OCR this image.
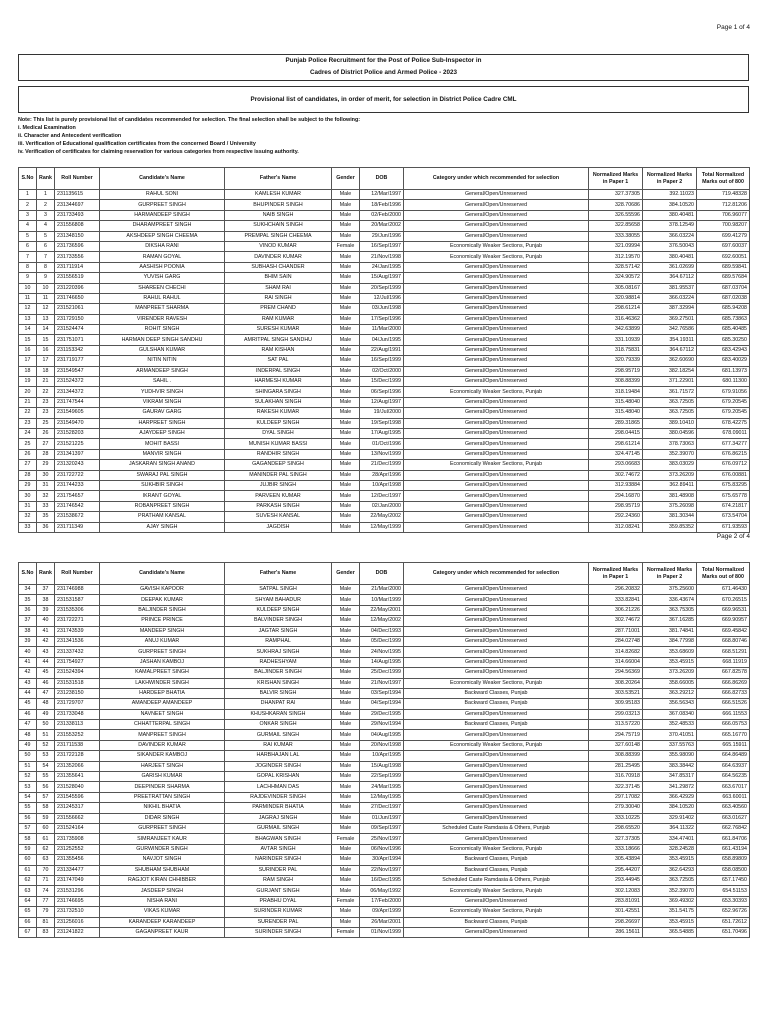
Page 1 of 4
Punjab Police Recruitment for the Post of Police Sub-Inspector in
Cadres of District Police and Armed Police - 2023
Provisional list of candidates, in order of merit, for selection in District Police Cadre CML
Note: This list is purely provisional list of candidates recommended for selection. The final selection shall be subject to the following:
i. Medical Examination
ii. Character and Antecedent verification
iii. Verification of Educational qualification certificates from the concerned Board / University
iv. Verification of certificates for claiming reservation for various categories from respective issuing authority.
S.No	Rank	Roll Number	Candidate's Name	Father's Name	Gender	DOB	Category under which recommended for selection	Normalized Marks in Paper 1	Normalized Marks in Paper 2	Total Normalized Marks out of 800
1	1	231135615	RAHUL SONI	KAMLESH KUMAR	Male	12/Mar/1997	General/Open/Unreserved	327.37305	392.11023	719.48328
2	2	231344697	GURPREET SINGH	BHUPINDER SINGH	Male	18/Feb/1996	General/Open/Unreserved	328.70686	384.10520	712.81206
3	3	231733493	HARMANDEEP SINGH	NAIB SINGH	Male	02/Feb/2000	General/Open/Unreserved	326.55596	380.40481	706.96077
4	4	231556808	DHARAMPREET SINGH	SUKHCHAIN SINGH	Male	20/Mar/2002	General/Open/Unreserved	322.85658	378.12549	700.98207
5	5	231348150	AKSHDEEP SINGH CHEEMA	PREMPAL SINGH CHEEMA	Male	29/Jun/1996	General/Open/Unreserved	333.38055	366.03224	699.41279
6	6	231736596	DIKSHA RANI	VINOD KUMAR	Female	16/Sep/1997	Economically Weaker Sections, Punjab	321.09994	376.50043	697.60037
7	7	231733556	RAMAN GOYAL	DAVINDER KUMAR	Male	21/Nov/1998	Economically Weaker Sections, Punjab	312.19570	380.40481	692.60051
8	8	231711914	AASHISH POONIA	SUBHASH CHANDER	Male	24/Jan/1995	General/Open/Unreserved	328.57142	361.02699	689.59841
9	9	231556519	YUVISH GARG	BHIM SAIN	Male	15/Aug/1997	General/Open/Unreserved	324.90572	364.67112	689.57684
10	10	231220396	SHAREEN CHECHI	SHAM RAI	Male	20/Sep/1999	General/Open/Unreserved	305.08167	381.95537	687.03704
11	11	231746650	RAHUL RAHUL	RAI SINGH	Male	12/Jul/1996	General/Open/Unreserved	320.98814	366.03224	687.02038
12	12	231521061	MANPREET SHARMA	PREM CHAND	Male	03/Jun/1998	General/Open/Unreserved	298.61214	387.32994	685.94208
13	13	231729150	VIRENDER RAVESH	RAM KUMAR	Male	17/Sep/1996	General/Open/Unreserved	316.46362	369.27501	685.73863
14	14	231524474	ROHIT SINGH	SURESH KUMAR	Male	11/Mar/2000	General/Open/Unreserved	342.63899	342.76586	685.40485
15	15	231751071	HARMAN DEEP SINGH SANDHU	AMRITPAL SINGH SANDHU	Male	04/Jun/1995	General/Open/Unreserved	331.10939	354.19311	685.30250
16	16	231153342	GULSHAN KUMAR	RAM KISHAN	Male	22/Aug/1991	General/Open/Unreserved	318.75831	364.67112	683.42943
17	17	231719177	NITIN NITIN	SAT PAL	Male	16/Sep/1999	General/Open/Unreserved	320.79339	362.60690	683.40029
18	18	231549547	ARMANDEEP SINGH	INDERPAL SINGH	Male	02/Oct/2000	General/Open/Unreserved	298.95719	382.18254	681.13973
19	21	231524372	SAHIL .	HARMESH KUMAR	Male	15/Dec/1999	General/Open/Unreserved	308.88399	371.22901	680.11300
20	22	231344372	YUDHVIR SINGH	SHINGARA SINGH	Male	06/Sep/1996	Economically Weaker Sections, Punjab	318.19484	361.71572	679.91056
21	23	231747544	VIKRAM SINGH	SULAKHAN SINGH	Male	12/Aug/1997	General/Open/Unreserved	315.48040	363.72505	679.20545
22	23	231549605	GAURAV GARG	RAKESH KUMAR	Male	19/Jul/2000	General/Open/Unreserved	315.48040	363.72505	679.20545
23	25	231549470	HARPREET SINGH	KULDEEP SINGH	Male	19/Sep/1998	General/Open/Unreserved	289.31865	389.10410	678.42275
24	26	231528203	AJAYDEEP SINGH	DYAL SINGH	Male	17/Aug/1995	General/Open/Unreserved	298.04415	380.04596	678.09011
25	27	231521225	MOHIT BASSI	MUNISH KUMAR BASSI	Male	01/Oct/1996	General/Open/Unreserved	298.61214	378.73063	677.34277
26	28	231341397	MANVIR SINGH	RANDHIR SINGH	Male	13/Nov/1999	General/Open/Unreserved	324.47145	352.39070	676.86215
27	29	231320243	JASKARAN SINGH ANAND	GAGANDEEP SINGH	Male	21/Dec/1999	Economically Weaker Sections, Punjab	293.06683	383.03029	676.09712
28	30	231722722	SWARAJ PAL SINGH	MANINDER PAL SINGH	Male	28/Apr/1996	General/Open/Unreserved	302.74672	373.26209	676.00881
29	31	231744233	SUKHBIR SINGH	JUJBIR SINGH	Male	10/Apr/1998	General/Open/Unreserved	312.93884	362.89411	675.83295
30	32	231754657	IKRANT GOYAL	PARVEEN KUMAR	Male	12/Dec/1997	General/Open/Unreserved	294.16870	381.48908	675.65778
31	33	231746542	ROBANPREET SINGH	PARKASH SINGH	Male	02/Jan/2000	General/Open/Unreserved	298.95719	375.26098	674.21817
32	35	231538672	PRATHAM KANSAL	SUVESH KANSAL	Male	22/May/2002	General/Open/Unreserved	292.24360	381.30344	673.54704
33	36	231711349	AJAY SINGH	JAGDISH	Male	12/May/1999	General/Open/Unreserved	312.08241	359.85352	671.93593
Page 2 of 4
S.No	Rank	Roll Number	Candidate's Name	Father's Name	Gender	DOB	Category under which recommended for selection	Normalized Marks in Paper 1	Normalized Marks in Paper 2	Total Normalized Marks out of 800
34	37	231746988	GAVISH KAPOOR	SATPAL SINGH	Male	21/Mar/2000	General/Open/Unreserved	296.20832	375.25600	671.46430
35	38	231531587	DEEPAK KUMAR	SHYAM BAHADUR	Male	10/Mar/1999	General/Open/Unreserved	333.82841	336.43674	670.26515
36	39	231535306	BALJINDER SINGH	KULDEEP SINGH	Male	22/May/2001	General/Open/Unreserved	306.21226	363.75305	669.96531
37	40	231722271	PRINCE PRINCE	BALVINDER SINGH	Male	12/May/2002	General/Open/Unreserved	302.74672	367.16285	669.90957
38	41	231743539	MANDEEP SINGH	JAGTAR SINGH	Male	04/Dec/1993	General/Open/Unreserved	287.71001	381.74841	669.45842
39	42	231341536	ANUJ KUMAR	RAMPHAL	Male	05/Dec/1999	General/Open/Unreserved	284.02748	384.77998	668.80746
40	43	231337432	GURPREET SINGH	SUKHRAJ SINGH	Male	24/Nov/1995	General/Open/Unreserved	314.82682	353.68609	668.51291
41	44	231754927	JASHAN KAMBOJ	RADHESHYAM	Male	14/Aug/1995	General/Open/Unreserved	314.66004	353.45915	668.11919
42	45	231524394	KAMALPREET SINGH	BALJINDER SINGH	Male	25/Dec/1999	General/Open/Unreserved	294.56369	373.26209	667.82578
43	46	231531518	LAKHWINDER SINGH	KRISHAN SINGH	Male	21/Nov/1997	Economically Weaker Sections, Punjab	308.20264	358.66005	666.86269
44	47	231238150	HARDEEP BHATIA	BALVIR SINGH	Male	03/Sep/1994	Backward Classes, Punjab	303.53521	363.29212	666.82733
45	48	231729707	AMANDEEP AMANDEEP	DHANPAT RAI	Male	04/Sep/1994	Backward Classes, Punjab	309.95183	356.56343	666.51526
46	49	231733048	NAVNEET SINGH	KHUSHKARAN SINGH	Male	29/Dec/1995	General/Open/Unreserved	299.03213	367.08340	666.11553
47	50	231338113	CHHATTERPAL SINGH	ONKAR SINGH	Male	29/Nov/1994	Backward Classes, Punjab	313.57220	352.48533	666.05753
48	51	231553252	MANPREET SINGH	GURMAIL SINGH	Male	04/Aug/1995	General/Open/Unreserved	294.75719	370.41051	665.16770
49	52	231711538	DAVINDER KUMAR	RAI KUMAR	Male	20/Nov/1998	Economically Weaker Sections, Punjab	327.60148	337.55763	665.15911
50	53	231722128	SIKANDER KAMBOJ	HARBHAJAN LAL	Male	10/Apr/1995	General/Open/Unreserved	308.88399	355.98090	664.86489
51	54	231352066	HARJEET SINGH	JOGINDER SINGH	Male	15/Aug/1998	General/Open/Unreserved	281.25495	383.38442	664.63937
52	55	231355641	GARISH KUMAR	GOPAL KRISHAN	Male	22/Sep/1999	General/Open/Unreserved	316.70918	347.85317	664.56235
53	56	231528040	DEEPINDER SHARMA	LACHHMAN DAS	Male	24/Mar/1995	General/Open/Unreserved	322.37145	341.29872	663.67017
54	57	231545596	PREETRATTAN SINGH	RAJDEVINDER SINGH	Male	12/May/1995	General/Open/Unreserved	297.17082	366.42929	663.60011
55	58	231245317	NIKHIL BHATIA	PARMINDER BHATIA	Male	27/Dec/1997	General/Open/Unreserved	279.30040	384.10520	663.40560
56	59	231556662	DIDAR SINGH	JAGRAJ SINGH	Male	01/Jun/1997	General/Open/Unreserved	333.10225	329.91402	663.01627
57	60	231524164	GURPREET SINGH	GURMAIL SINGH	Male	09/Sep/1997	Scheduled Caste Ramdasia & Others, Punjab	298.65520	364.11322	662.76842
58	61	231735908	SIMRANJEET KAUR	BHAGWAN SINGH	Female	25/Nov/1997	General/Open/Unreserved	327.37305	334.47401	661.84706
59	62	231252552	GURWINDER SINGH	AVTAR SINGH	Male	06/Nov/1996	Economically Weaker Sections, Punjab	333.18666	328.24528	661.43194
60	63	231355456	NAVJOT SINGH	NARINDER SINGH	Male	30/Apr/1994	Backward Classes, Punjab	305.43894	353.45915	658.89809
61	70	231334477	SHUBHAM SHUBHAM	SURINDER PAL	Male	22/Nov/1997	Backward Classes, Punjab	295.44207	362.64293	658.08500
62	71	231747049	RAGJOT KIRAN CHHIBBER	RAM SINGH	Male	16/Dec/1995	Scheduled Caste Ramdasia & Others, Punjab	293.44945	363.72505	657.17450
63	74	231531296	JASDEEP SINGH	GURJANT SINGH	Male	06/May/1992	Economically Weaker Sections, Punjab	302.12083	352.39070	654.51153
64	77	231746695	NISHA RANI	PRABHU DYAL	Female	17/Feb/2000	General/Open/Unreserved	283.81091	369.49302	653.30393
65	79	231732510	VIKAS KUMAR	SURINDER KUMAR	Male	09/Apr/1999	Economically Weaker Sections, Punjab	301.42551	351.54175	652.96726
66	81	231256016	KARANDEEP KARANDEEP	SURENDER PAL	Male	26/Mar/2001	Backward Classes, Punjab	298.26697	353.45915	651.72612
67	83	231241822	GAGANPREET KAUR	SURINDER SINGH	Female	01/Nov/1999	General/Open/Unreserved	286.15611	365.54885	651.70496
